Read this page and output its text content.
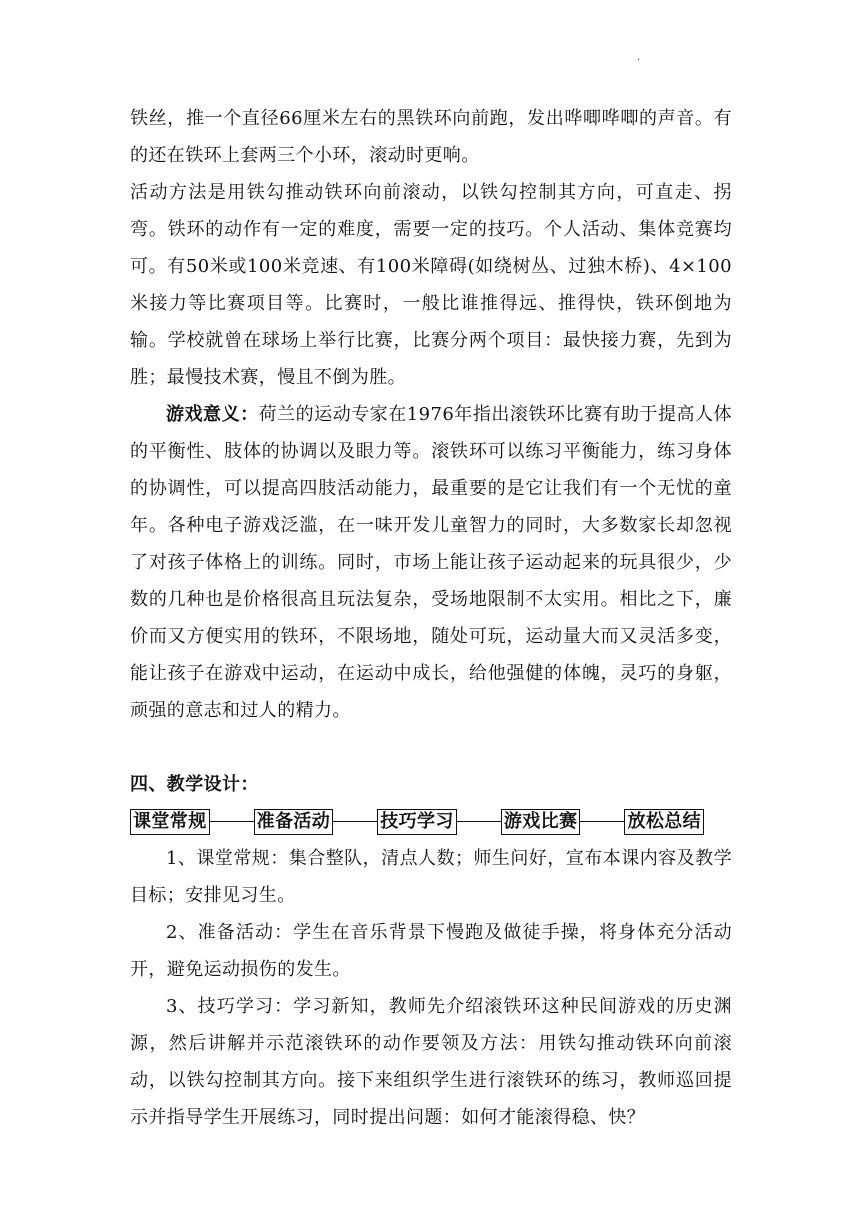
·

铁丝，推一个直径66厘米左右的黑铁环向前跑，发出哗唧哗唧的声音。有的还在铁环上套两三个小环，滚动时更响。

活动方法是用铁勾推动铁环向前滚动，以铁勾控制其方向，可直走、拐弯。铁环的动作有一定的难度，需要一定的技巧。个人活动、集体竞赛均可。有50米或100米竞速、有100米障碍(如绕树丛、过独木桥)、4×100米接力等比赛项目等。比赛时，一般比谁推得远、推得快，铁环倒地为输。学校就曾在球场上举行比赛，比赛分两个项目：最快接力赛，先到为胜；最慢技术赛，慢且不倒为胜。

游戏意义：荷兰的运动专家在1976年指出滚铁环比赛有助于提高人体的平衡性、肢体的协调以及眼力等。滚铁环可以练习平衡能力，练习身体的协调性，可以提高四肢活动能力，最重要的是它让我们有一个无忧的童年。各种电子游戏泛滥，在一味开发儿童智力的同时，大多数家长却忽视了对孩子体格上的训练。同时，市场上能让孩子运动起来的玩具很少，少数的几种也是价格很高且玩法复杂，受场地限制不太实用。相比之下，廉价而又方便实用的铁环，不限场地，随处可玩，运动量大而又灵活多变，能让孩子在游戏中运动，在运动中成长，给他强健的体魄，灵巧的身躯，顽强的意志和过人的精力。

四、教学设计：

课堂常规	准备活动	技巧学习	游戏比赛	放松总结

1、课堂常规：集合整队，清点人数；师生问好，宣布本课内容及教学目标；安排见习生。

2、准备活动：学生在音乐背景下慢跑及做徒手操，将身体充分活动开，避免运动损伤的发生。

3、技巧学习：学习新知，教师先介绍滚铁环这种民间游戏的历史渊源，然后讲解并示范滚铁环的动作要领及方法：用铁勾推动铁环向前滚动，以铁勾控制其方向。接下来组织学生进行滚铁环的练习，教师巡回提示并指导学生开展练习，同时提出问题：如何才能滚得稳、快？
